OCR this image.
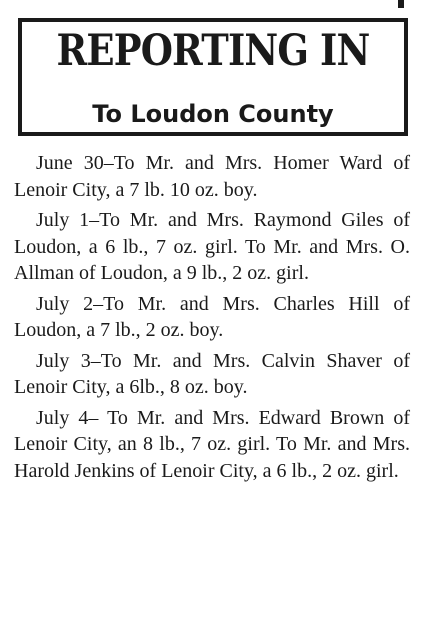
REPORTING IN
To Loudon County

June 30–To Mr. and Mrs. Homer Ward of Lenoir City, a 7 lb. 10 oz. boy.

July 1–To Mr. and Mrs. Raymond Giles of Loudon, a 6 lb., 7 oz. girl. To Mr. and Mrs. O. Allman of Loudon, a 9 lb., 2 oz. girl.

July 2–To Mr. and Mrs. Charles Hill of Loudon, a 7 lb., 2 oz. boy.

July 3–To Mr. and Mrs. Calvin Shaver of Lenoir City, a 6lb., 8 oz. boy.

July 4– To Mr. and Mrs. Edward Brown of Lenoir City, an 8 lb., 7 oz. girl. To Mr. and Mrs. Harold Jenkins of Lenoir City, a 6 lb., 2 oz. girl.
